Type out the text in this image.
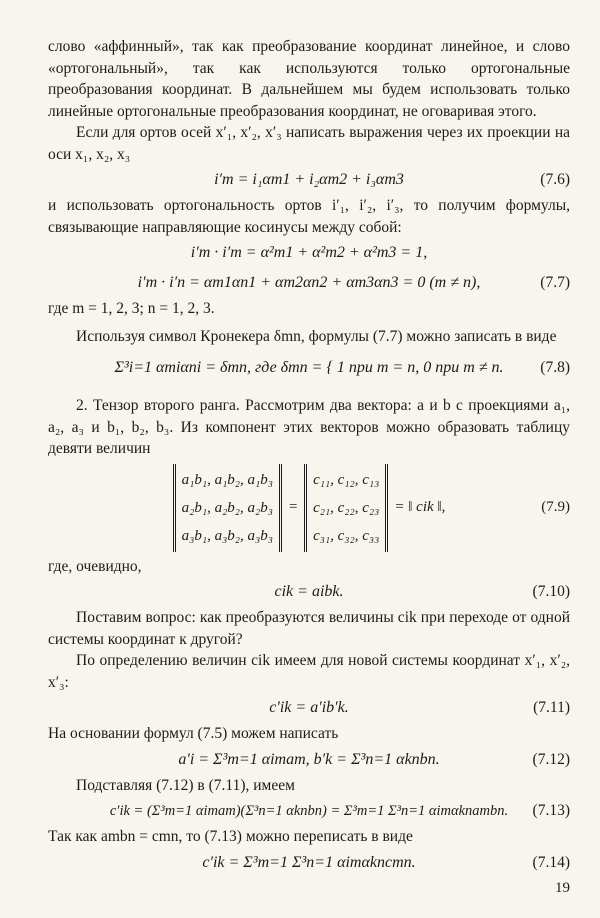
слово «аффинный», так как преобразование координат линейное, и слово «ортогональный», так как используются только ортогональные преобразования координат. В дальнейшем мы будем использовать только линейные ортогональные преобразования координат, не оговаривая этого.

Если для ортов осей x′₁, x′₂, x′₃ написать выражения через их проекции на оси x₁, x₂, x₃

i′m = i₁αm1 + i₂αm2 + i₃αm3	(7.6)

и использовать ортогональность ортов i′₁, i′₂, i′₃, то получим формулы, связывающие направляющие косинусы между собой:

i′m · i′m = α²m1 + α²m2 + α²m3 = 1,
i′m · i′n = αm1αn1 + αm2αn2 + αm3αn3 = 0 (m ≠ n),	(7.7)

где m = 1, 2, 3; n = 1, 2, 3.

Используя символ Кронекера δmn, формулы (7.7) можно записать в виде

Σ³i=1 αmiαni = δmn, где δmn = { 1 при m = n, 0 при m ≠ n. (7.8)

2. Тензор второго ранга. Рассмотрим два вектора: a и b с проекциями a₁, a₂, a₃ и b₁, b₂, b₃. Из компонент этих векторов можно образовать таблицу девяти величин

a₁b₁, a₁b₂, a₁b₃
a₂b₁, a₂b₂, a₂b₃
a₃b₁, a₃b₂, a₃b₃
=
c₁₁, c₁₂, c₁₃
c₂₁, c₂₂, c₂₃
c₃₁, c₃₂, c₃₃
= ‖ cik ‖,	(7.9)

где, очевидно,

cik = aibk.	(7.10)

Поставим вопрос: как преобразуются величины cik при переходе от одной системы координат к другой?

По определению величин cik имеем для новой системы координат x′₁, x′₂, x′₃:

c′ik = a′ib′k.	(7.11)

На основании формул (7.5) можем написать

a′i = Σ³m=1 αimam, b′k = Σ³n=1 αknbn.	(7.12)

Подставляя (7.12) в (7.11), имеем

c′ik = (Σ³m=1 αimam)(Σ³n=1 αknbn) = Σ³m=1 Σ³n=1 αimαknambn. (7.13)

Так как ambn = cmn, то (7.13) можно переписать в виде

c′ik = Σ³m=1 Σ³n=1 αimαkncmn.	(7.14)
19
